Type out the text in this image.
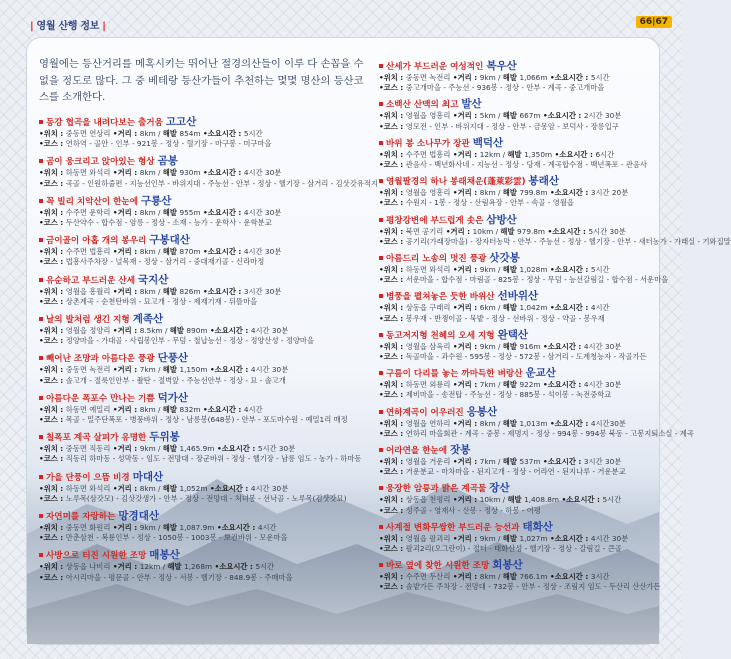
| 영월 산행 정보 |	66|67

영월에는 등산거리를 메혹시키는 뛰어난 절경의산들이 이루 다 손꼽을 수 없을 정도로 많다. 그 중 베테랑 등산가들이 추천하는 몇몇 명산의 등산코스를 소개한다.

동강 협곡을 내려다보는 출거움 고고산
•위치 : 중동면 연상리 •거리 : 8km / 해발 854m •소요시간 : 5시간
•코스 : 연하역 - 골안 - 인부 - 921봉 - 정상 - 혈기장 - 마구봉 - 미구마을
곰이 웅크리고 앉아있는 형상 곰봉
•위치 : 하동면 와석리 •거리 : 8km / 해발 930m •소요시간 : 4시간 30분
•코스 : 곡골 - 인원하줄편 - 지능선인부 - 바위지대 - 주능선 - 안부 - 정상 - 헬기장 - 삼거리 - 김삿갓유적지
꼭 빌리 치악산이 한눈에 구룡산
•위치 : 수주면 운학리 •거리 : 8km / 해발 955m •소요시간 : 4시간 30분
•코스 : 두산약수 - 합수점 - 암릉 - 정상 - 소재 - 능가 - 운학사 - 운학분교
금이골이 아홉 개의 봉우리 구봉대산
•위치 : 수주면 법흥리 •거리 : 8km / 해발 870m •소요시간 : 4시간 30분
•코스 : 법흥사주차장 - 널목재 - 정상 - 삼거리 - 중대재기골 - 신라마정
유순하고 부드러운 산세 국지산
•위치 : 영월읍 흥월리 •거리 : 8km / 해발 826m •소요시간 : 3시간 30분
•코스 : 상촌계곡 - 순천탄바위 - 묘고개 - 정상 - 제재기재 - 뒤뜰마을
날의 발처럼 생긴 지형 계족산
•위치 : 영월읍 정양리 •거리 : 8.5km / 해발 890m •소요시간 : 4시간 30분
•코스 : 정양마을 - 가대골 - 사립봉인부 - 무덤 - 철납능선 - 정상 - 정양산성 - 정양마을
빼어난 조망과 아름다운 풍광 단풍산
•위치 : 중동면 녹전리 •거리 : 7km / 해발 1,150m •소요시간 : 4시간 30분
•코스 : 솔고개 - 절룩인안부 - 촬탄 - 절벽앞 - 주능선안부 - 정상 - 묘 - 솔고개
아름다운 폭포수 만나는 기쁨 덕가산
•위치 : 하동면 예밀리 •거리 : 8km / 해발 832m •소요시간 : 4시간
•코스 : 목골 - 밀주단폭포 - 병풍바위 - 정상 - 남릉봉(648봉) - 안부 - 포도마수원 - 예밀1리 매정
칠폭포 계곡 살피가 유명한 두위봉
•위치 : 중동면 직동리 •거리 : 9km / 해발 1,465.9m •소요시간 : 5시간 30분
•코스 : 직동리 하마동 - 성막동 - 임도 - 전망대 - 장군바위 - 정상 - 헬기장 - 남릉 임도 - 농가 - 하마동
가을 단풍이 으뜸 비경 마대산
•위치 : 하동면 와석리 •거리 : 8km / 해발 1,052m •소요시간 : 4시간 30분
•코스 : 노루목(삼갓모) - 김삿갓생가 - 안부 - 정상 - 전망대 - 처녀봉 - 선낙골 - 노루목(김삿갓묘)
자연미를 자랑하는 망경대산
•위치 : 중동면 화원리 •거리 : 9km / 해발 1,087.9m •소요시간 : 4시간
•코스 : 만춘삼천 - 복룡인부 - 정상 - 1050봉 - 1003봉 - 보건바위 - 모운마을
사방으로 터진 시원한 조망 매봉산
•위치 : 상동읍 나비리 •거리 : 12km / 해발 1,268m •소요시간 : 5시간
•코스 : 아시리마을 - 평문골 - 안부 - 정상 - 서봉 - 헬기장 - 848.9봉 - 주매마을
산세가 부드러운 여성적인 복우산
•위치 : 중동면 녹전리 •거리 : 9km / 해발 1,066m •소요시간 : 5시간
•코스 : 중고개마을 - 주능선 - 936봉 - 정상 - 안부 - 계곡 - 중고개마을
소백산 산맥의 최고 발산
•위치 : 영월읍 영흥리 •거리 : 5km / 해발 667m •소요시간 : 2시간 30분
•코스 : 영모전 - 인부 - 바위지대 - 정상 - 안부 - 금몽암 - 보덕사 - 장릉입구
바위 봉 소나무가 장관 백덕산
•위치 : 수주면 법흥리 •거리 : 12km / 해발 1,350m •소요시간 : 6시간
•코스 : 관음사 - 백년화사네 - 지능선 - 정상 - 당재 - 계곡합수점 - 백년폭포 - 관음사
영월팔경의 하나 봉래채운(蓬萊彩雲) 봉래산
•위치 : 영월읍 영흥리 •거리 : 8km / 해발 799.8m •소요시간 : 3시간 20분
•코스 : 수원지 - 1봉 - 정상 - 산림욕장 - 안부 - 속골 - 영월읍
평창강변에 부드럽게 솟은 삼방산
•위치 : 북면 공기리 •거리 : 10km / 해발 979.8m •소요시간 : 5시간 30분
•코스 : 공기리(가래장마을) - 장자터농막 - 안부 - 주능선 - 정상 - 헬기장 - 안부 - 새터농가 - 가래실 - 기와집말
아름드리 노송의 멋진 풍광 삿갓봉
•위치 : 하동면 와석리 •거리 : 9km / 해발 1,028m •소요시간 : 5시간
•코스 : 서운마을 - 합수점 - 마림골 - 825봉 - 정상 - 무덤 - 능선갈림길 - 합수점 - 서운마을
병풍을 펼쳐놓은 듯한 바위산 선바위산
•위치 : 상동읍 구래리 •거리 : 6km / 해발 1,042m •소요시간 : 4시간
•코스 : 봉우재 - 반쟁이골 - 묵밭 - 정상 - 선바위 - 정상 - 약골 - 봉우재
동고저지형 천혜의 오세 지형 완택산
•위치 : 영월읍 삼옥리 •거리 : 9km / 해발 916m •소요시간 : 4시간 30분
•코스 : 독골마을 - 과수원 - 595봉 - 정상 - 572봉 - 삼거리 - 도계청능자 - 작골가든
구름이 다리를 놓는 까마득한 벼랑산 운교산
•위치 : 하동면 외룡리 •거리 : 7km / 해발 922m •소요시간 : 4시간 30분
•코스 : 제비마을 - 송전탑 - 주능선 - 정상 - 885봉 - 석이봉 - 녹전중학교
연하계곡이 어우러진 응봉산
•위치 : 영월읍 연하리 •거리 : 8km / 해발 1,013m •소요시간 : 4시간30분
•코스 : 연하리 마을회관 - 계곡 - 중봉 - 제명지 - 정상 - 994봉 - 994봉 북동 - 고봉지퇴소실 - 계곡
어라연을 한눈에 잣봉
•위치 : 영월읍 거운리 •거리 : 7km / 해발 537m •소요시간 : 3시간 30분
•코스 : 거운분교 - 마차마을 - 된지고개 - 정상 - 어라연 - 된지나루 - 거운분교
웅장한 암릉과 맑은 계곡물 장산
•위치 : 상동읍 천평리 •거리 : 10km / 해발 1,408.8m •소요시간 : 5시간
•코스 : 성주골 - 영재사 - 산봉 - 정상 - 하봉 - 어평
사계절 변화무쌍한 부드러운 능선과 태화산
•위치 : 영월읍 팔괴리 •거리 : 9km / 해발 1,027m •소요시간 : 4시간 30분
•코스 : 팔괴2리(오그란이) - 절터 - 태화산성 - 헬기장 - 정상 - 갈림길 - 큰골
바로 옆에 찾한 시원한 조망 회봉산
•위치 : 수주면 두산리 •거리 : 8km / 해발 766.1m •소요시간 : 3시간
•코스 : 솔밭가든 주차장 - 전망대 - 732봉 - 안부 - 정상 - 조림지 임도 - 두산리 산산가든
